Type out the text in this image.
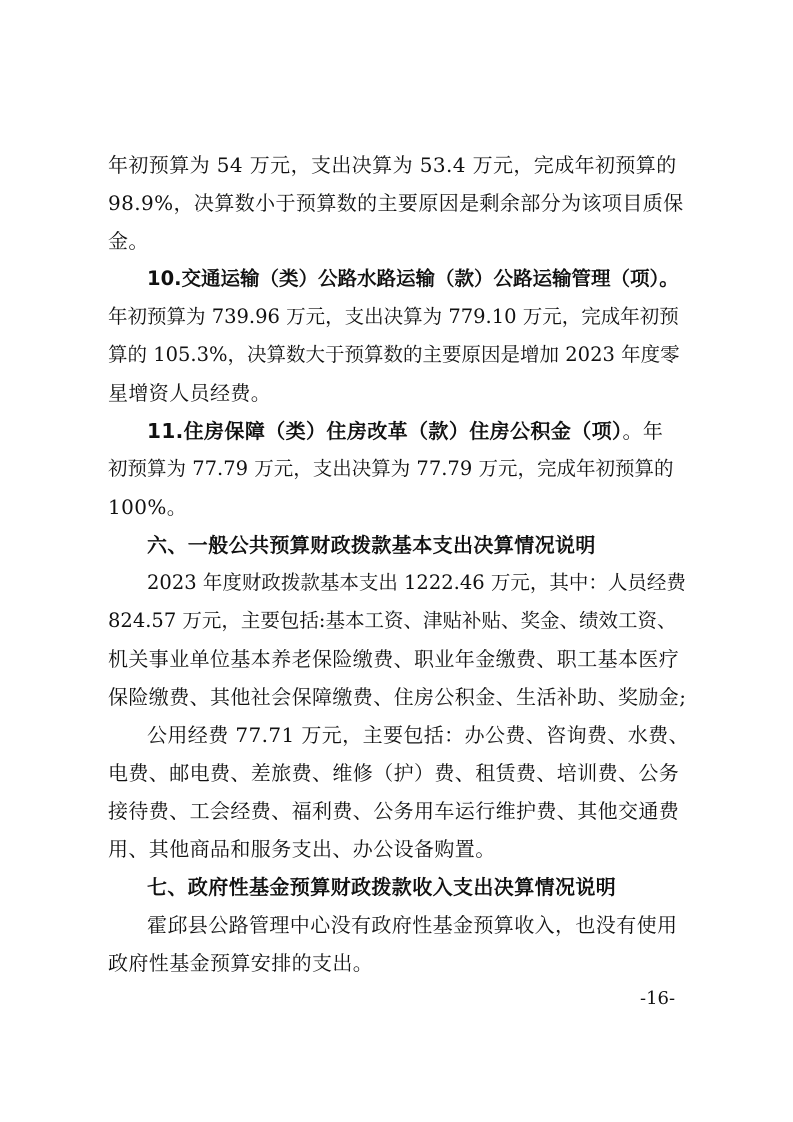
年初预算为 54 万元，支出决算为 53.4 万元，完成年初预算的
98.9%，决算数小于预算数的主要原因是剩余部分为该项目质保
金。
10.交通运输（类）公路水路运输（款）公路运输管理（项）。
年初预算为 739.96 万元，支出决算为 779.10 万元，完成年初预
算的 105.3%，决算数大于预算数的主要原因是增加 2023 年度零
星增资人员经费。
11.住房保障（类）住房改革（款）住房公积金（项）。年
初预算为 77.79 万元，支出决算为 77.79 万元，完成年初预算的
100%。
六、一般公共预算财政拨款基本支出决算情况说明
2023 年度财政拨款基本支出 1222.46 万元，其中：人员经费
824.57 万元，主要包括:基本工资、津贴补贴、奖金、绩效工资、
机关事业单位基本养老保险缴费、职业年金缴费、职工基本医疗
保险缴费、其他社会保障缴费、住房公积金、生活补助、奖励金;
公用经费 77.71 万元，主要包括：办公费、咨询费、水费、
电费、邮电费、差旅费、维修（护）费、租赁费、培训费、公务
接待费、工会经费、福利费、公务用车运行维护费、其他交通费
用、其他商品和服务支出、办公设备购置。
七、政府性基金预算财政拨款收入支出决算情况说明
霍邱县公路管理中心没有政府性基金预算收入，也没有使用
政府性基金预算安排的支出。
-16-
